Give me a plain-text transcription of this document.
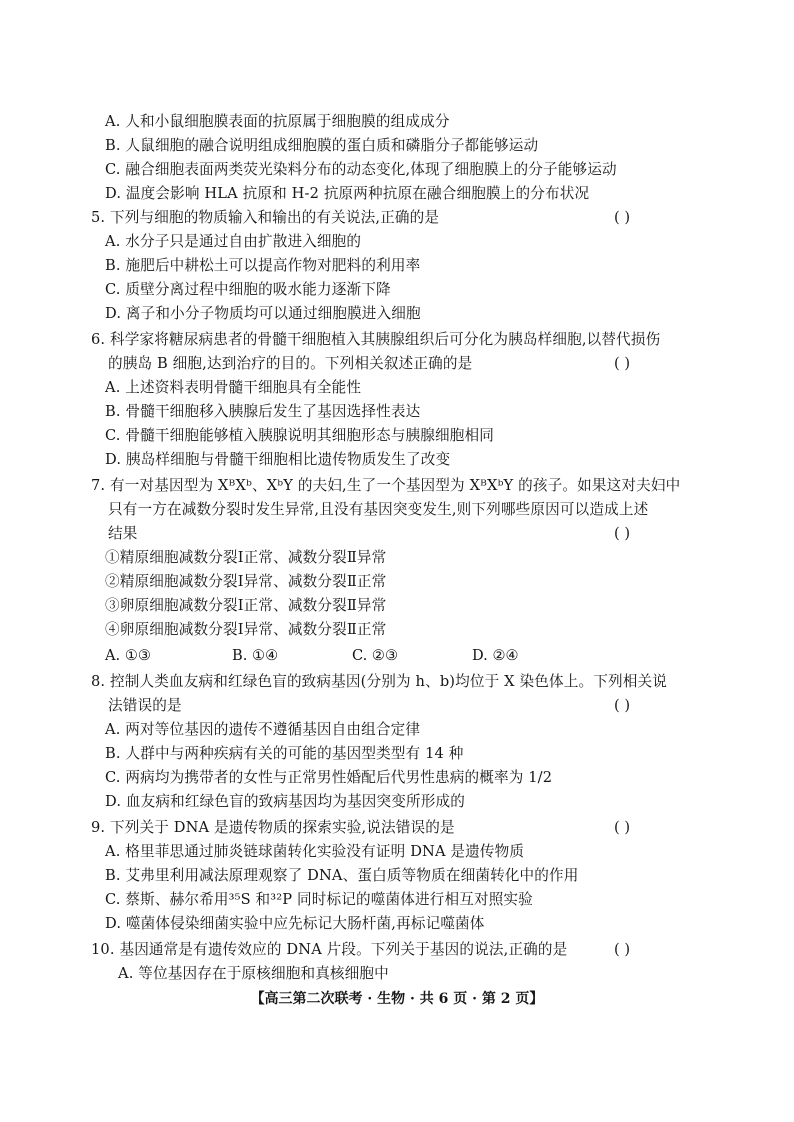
A. 人和小鼠细胞膜表面的抗原属于细胞膜的组成成分
B. 人鼠细胞的融合说明组成细胞膜的蛋白质和磷脂分子都能够运动
C. 融合细胞表面两类荧光染料分布的动态变化,体现了细胞膜上的分子能够运动
D. 温度会影响 HLA 抗原和 H-2 抗原两种抗原在融合细胞膜上的分布状况
5. 下列与细胞的物质输入和输出的有关说法,正确的是	( )
A. 水分子只是通过自由扩散进入细胞的
B. 施肥后中耕松土可以提高作物对肥料的利用率
C. 质壁分离过程中细胞的吸水能力逐渐下降
D. 离子和小分子物质均可以通过细胞膜进入细胞
6. 科学家将糖尿病患者的骨髓干细胞植入其胰腺组织后可分化为胰岛样细胞,以替代损伤
的胰岛 B 细胞,达到治疗的目的。下列相关叙述正确的是	( )
A. 上述资料表明骨髓干细胞具有全能性
B. 骨髓干细胞移入胰腺后发生了基因选择性表达
C. 骨髓干细胞能够植入胰腺说明其细胞形态与胰腺细胞相同
D. 胰岛样细胞与骨髓干细胞相比遗传物质发生了改变
7. 有一对基因型为 XᴮXᵇ、XᵇY 的夫妇,生了一个基因型为 XᴮXᵇY 的孩子。如果这对夫妇中
只有一方在减数分裂时发生异常,且没有基因突变发生,则下列哪些原因可以造成上述
结果	( )
①精原细胞减数分裂Ⅰ正常、减数分裂Ⅱ异常
②精原细胞减数分裂Ⅰ异常、减数分裂Ⅱ正常
③卵原细胞减数分裂Ⅰ正常、减数分裂Ⅱ异常
④卵原细胞减数分裂Ⅰ异常、减数分裂Ⅱ正常
A. ①③	B. ①④	C. ②③	D. ②④
8. 控制人类血友病和红绿色盲的致病基因(分别为 h、b)均位于 X 染色体上。下列相关说
法错误的是	( )
A. 两对等位基因的遗传不遵循基因自由组合定律
B. 人群中与两种疾病有关的可能的基因型类型有 14 种
C. 两病均为携带者的女性与正常男性婚配后代男性患病的概率为 1/2
D. 血友病和红绿色盲的致病基因均为基因突变所形成的
9. 下列关于 DNA 是遗传物质的探索实验,说法错误的是	( )
A. 格里菲思通过肺炎链球菌转化实验没有证明 DNA 是遗传物质
B. 艾弗里利用减法原理观察了 DNA、蛋白质等物质在细菌转化中的作用
C. 蔡斯、赫尔希用³⁵S 和³²P 同时标记的噬菌体进行相互对照实验
D. 噬菌体侵染细菌实验中应先标记大肠杆菌,再标记噬菌体
10. 基因通常是有遗传效应的 DNA 片段。下列关于基因的说法,正确的是	( )
A. 等位基因存在于原核细胞和真核细胞中
【高三第二次联考 · 生物 · 共 6 页 · 第 2 页】
